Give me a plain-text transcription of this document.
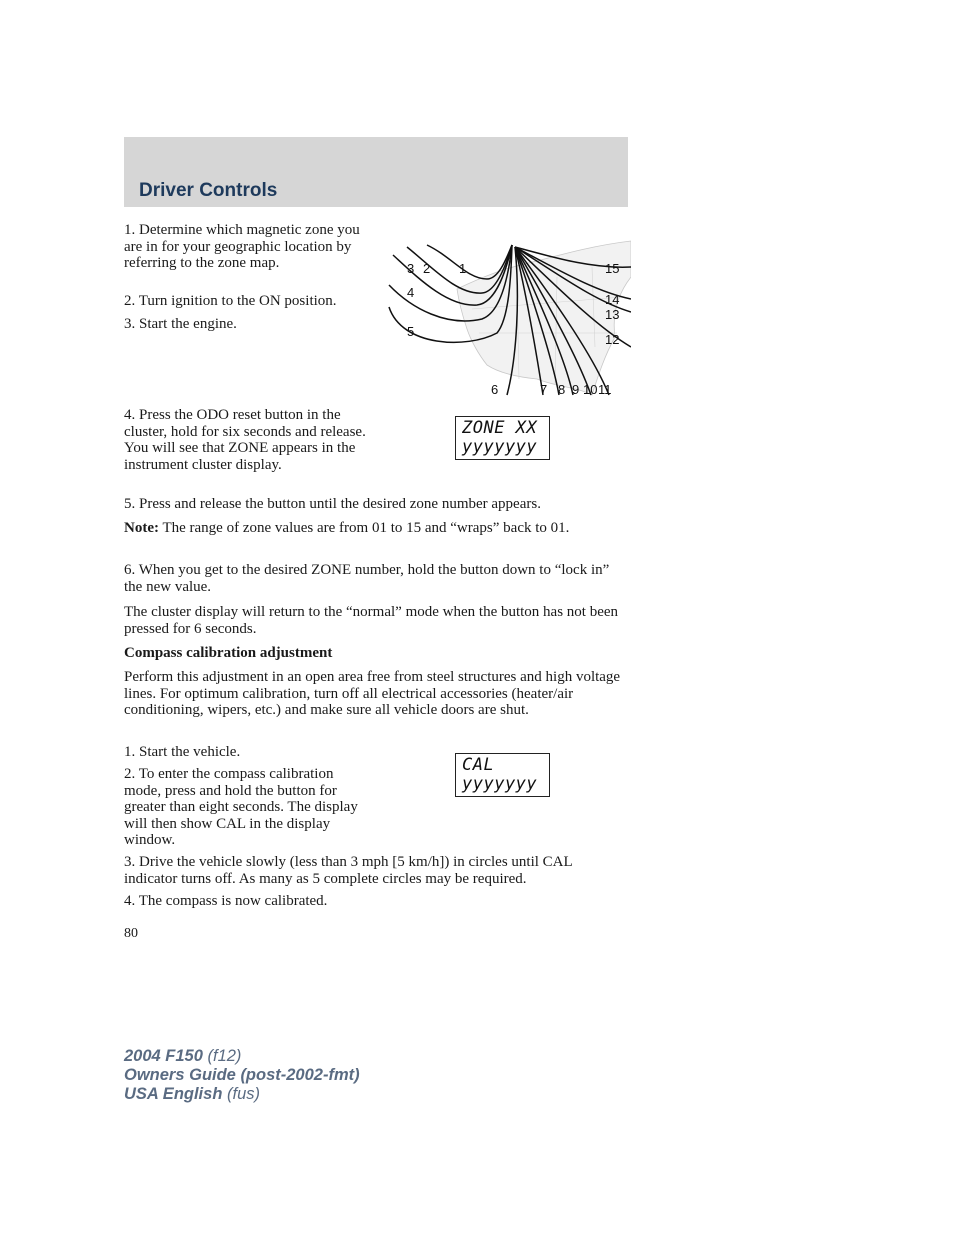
Driver Controls

1. Determine which magnetic zone you are in for your geographic location by referring to the zone map.

2. Turn ignition to the ON position.

3. Start the engine.

1
2
3
4
5
6	7 8 9 10 11
12
13
14
15

4. Press the ODO reset button in the cluster, hold for six seconds and release. You will see that ZONE appears in the instrument cluster display.

ZONE XX
yyyyyyy

5. Press and release the button until the desired zone number appears.

Note: The range of zone values are from 01 to 15 and “wraps” back to 01.

6. When you get to the desired ZONE number, hold the button down to “lock in” the new value.

The cluster display will return to the “normal” mode when the button has not been pressed for 6 seconds.

Compass calibration adjustment

Perform this adjustment in an open area free from steel structures and high voltage lines. For optimum calibration, turn off all electrical accessories (heater/air conditioning, wipers, etc.) and make sure all vehicle doors are shut.

1. Start the vehicle.

2. To enter the compass calibration mode, press and hold the button for greater than eight seconds. The display will then show CAL in the display window.

CAL
yyyyyyy

3. Drive the vehicle slowly (less than 3 mph [5 km/h]) in circles until CAL indicator turns off. As many as 5 complete circles may be required.

4. The compass is now calibrated.

80

2004 F150 (f12)
Owners Guide (post-2002-fmt)
USA English (fus)
